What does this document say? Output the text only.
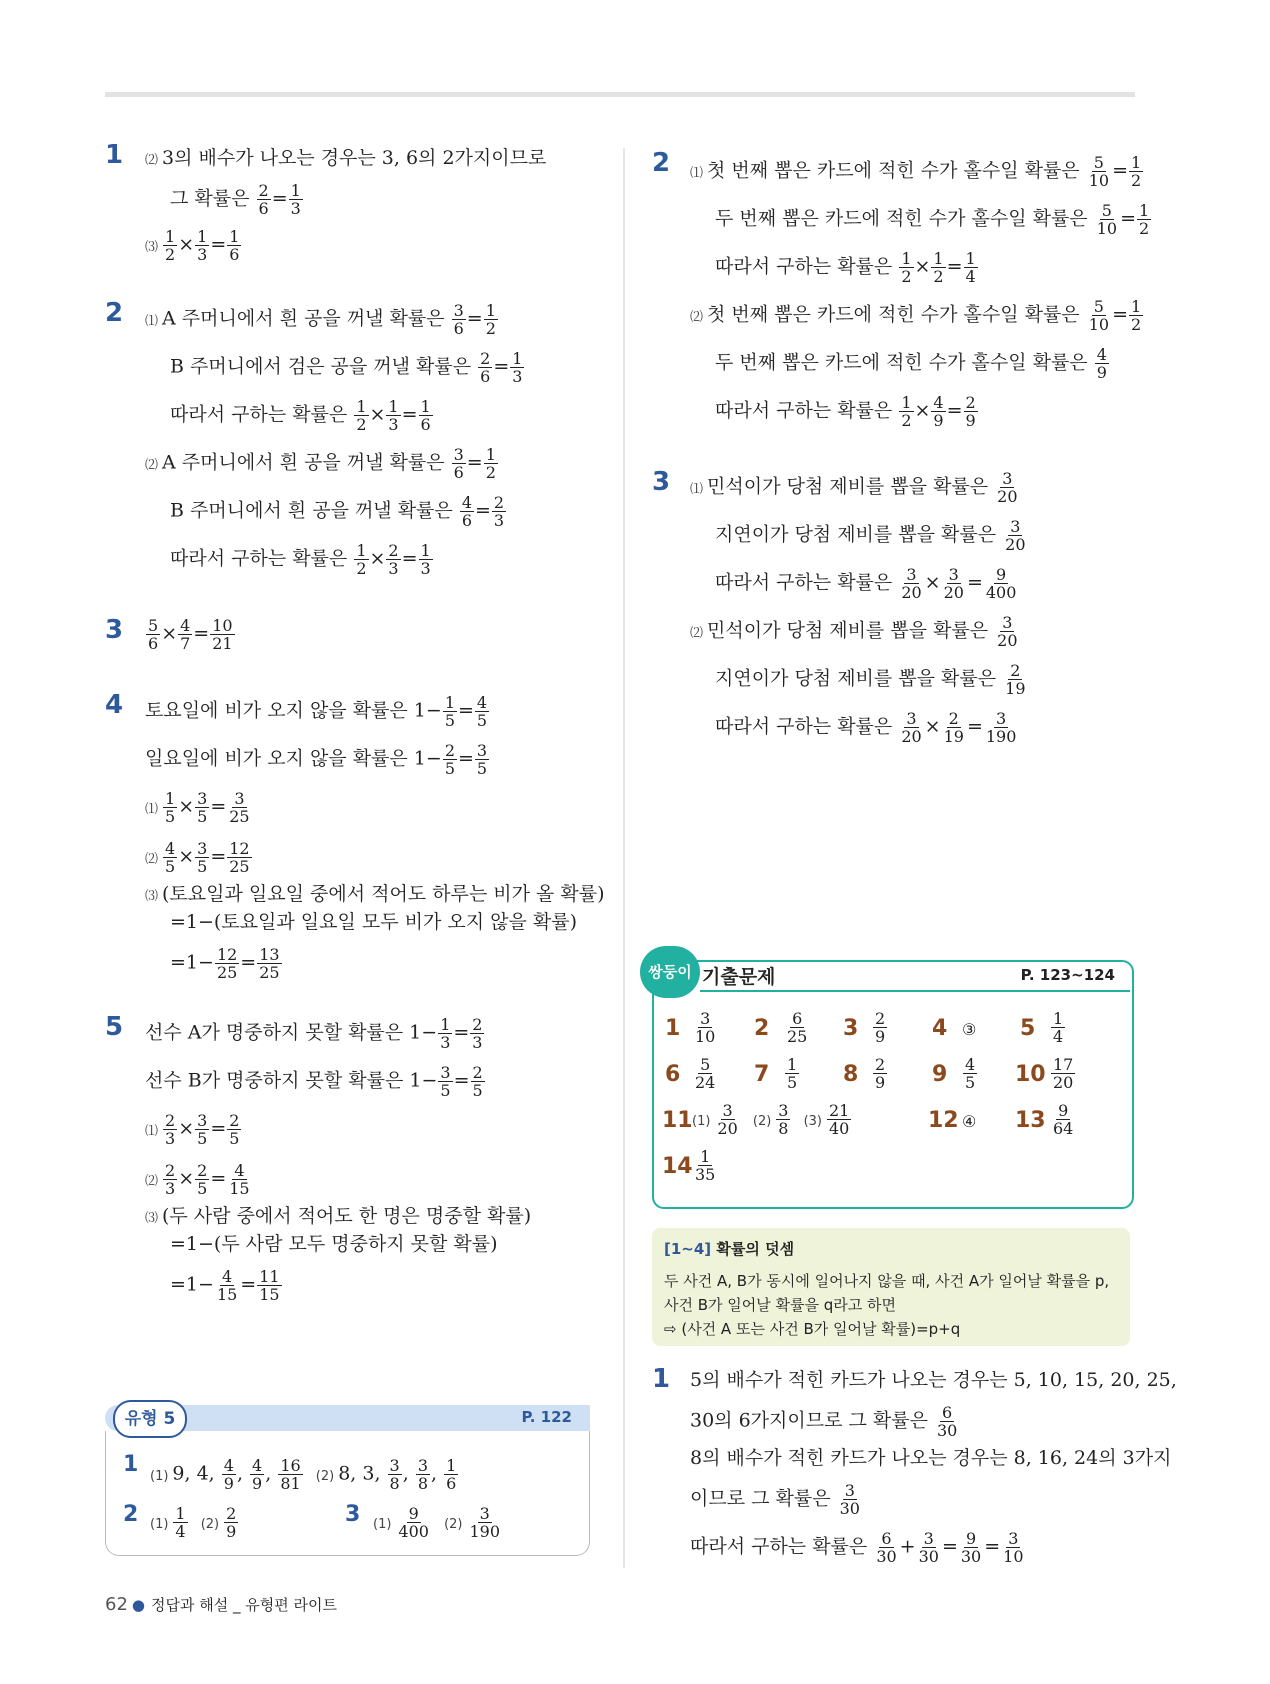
1 ⑵ 3의 배수가 나오는 경우는 3, 6의 2가지이므로
그 확률은 $\frac{2}{6} = \frac{1}{3}$
⑶ $\frac{1}{2} \times \frac{1}{3} = \frac{1}{6}$
2 ⑴ A 주머니에서 흰 공을 꺼낼 확률은 $\frac{3}{6} = \frac{1}{2}$
B 주머니에서 검은 공을 꺼낼 확률은 $\frac{2}{6} = \frac{1}{3}$
따라서 구하는 확률은 $\frac{1}{2} \times \frac{1}{3} = \frac{1}{6}$
⑵ A 주머니에서 흰 공을 꺼낼 확률은 $\frac{3}{6} = \frac{1}{2}$
B 주머니에서 흰 공을 꺼낼 확률은 $\frac{4}{6} = \frac{2}{3}$
따라서 구하는 확률은 $\frac{1}{2} \times \frac{2}{3} = \frac{1}{3}$
$3 \frac{5}{6} \times \frac{4}{7} = \frac{10}{21}$
4 토요일에 비가 오지 않을 확률은 $1- \frac{1}{5} = \frac{4}{5}$
일요일에 비가 오지 않을 확률은 $1- \frac{2}{5} = \frac{3}{5}$
⑴ $\frac{1}{5} \times \frac{3}{5} = \frac{3}{25}$
⑵ $\frac{4}{5} \times \frac{3}{5} = \frac{12}{25}$
⑶ (토요일과 일요일 중에서 적어도 하루는 비가 올 확률)
=1−(토요일과 일요일 모두 비가 오지 않을 확률)
$=1- \frac{12}{25} = \frac{13}{25}$
5 선수 A가 명중하지 못할 확률은 $1- \frac{1}{3} = \frac{2}{3}$
선수 B가 명중하지 못할 확률은 $1- \frac{3}{5} = \frac{2}{5}$
⑴ $\frac{2}{3} \times \frac{3}{5} = \frac{2}{5}$
⑵ $\frac{2}{3} \times \frac{2}{5} = \frac{4}{15}$
⑶ (두 사람 중에서 적어도 한 명은 명중할 확률)
=1−(두 사람 모두 명중하지 못할 확률)
$=1- \frac{4}{15} = \frac{11}{15}$
유형 5	P. 122
1 (1) 9, 4, $\frac{4}{9}$ , $\frac{4}{9}$ , $\frac{16}{81} (2)$ 8, 3, $\frac{3}{8}$ , $\frac{3}{8}$ , $\frac{1}{6}$
2 $(1) \frac{1}{4} (2) \frac{2}{9}$	3 $(1) \frac{9}{400} (2) \frac{3}{190}$
2 ⑴ 첫 번째 뽑은 카드에 적힌 수가 홀수일 확률은 $\frac{5}{10} = \frac{1}{2}$
두 번째 뽑은 카드에 적힌 수가 홀수일 확률은 $\frac{5}{10} = \frac{1}{2}$
따라서 구하는 확률은 $\frac{1}{2} \times \frac{1}{2} = \frac{1}{4}$
⑵ 첫 번째 뽑은 카드에 적힌 수가 홀수일 확률은 $\frac{5}{10} = \frac{1}{2}$
두 번째 뽑은 카드에 적힌 수가 홀수일 확률은 $\frac{4}{9}$
따라서 구하는 확률은 $\frac{1}{2} \times \frac{4}{9} = \frac{2}{9}$
3 ⑴ 민석이가 당첨 제비를 뽑을 확률은 $\frac{3}{20}$
지연이가 당첨 제비를 뽑을 확률은 $\frac{3}{20}$
따라서 구하는 확률은 $\frac{3}{20} \times \frac{3}{20} = \frac{9}{400}$
⑵ 민석이가 당첨 제비를 뽑을 확률은 $\frac{3}{20}$
지연이가 당첨 제비를 뽑을 확률은 $\frac{2}{19}$
따라서 구하는 확률은 $\frac{3}{20} \times \frac{2}{19} = \frac{3}{190}$
쌍둥이 기출문제	P. 123~124
$1 \frac{3}{10} 2 \frac{6}{25} 3 \frac{2}{9} 4$ ③ $5 \frac{1}{4}$
$6 \frac{5}{24} 7 \frac{1}{5} 8 \frac{2}{9} 9 \frac{4}{5} 10 \frac{17}{20}$
11 $(1) \frac{3}{20} (2) \frac{3}{8} (3) \frac{21}{40}$	12 ④ $13 \frac{9}{64}$
$14 \frac{1}{35}$
[1~4] 확률의 덧셈
두 사건 A, B가 동시에 일어나지 않을 때, 사건 A가 일어날 확률을 p,
사건 B가 일어날 확률을 q라고 하면
⇨ (사건 A 또는 사건 B가 일어날 확률)=p+q
1 5의 배수가 적힌 카드가 나오는 경우는 5, 10, 15, 20, 25,
30의 6가지이므로 그 확률은 $\frac{6}{30}$
8의 배수가 적힌 카드가 나오는 경우는 8, 16, 24의 3가지
이므로 그 확률은 $\frac{3}{30}$
따라서 구하는 확률은 $\frac{6}{30} + \frac{3}{30} = \frac{9}{30} = \frac{3}{10}$
62 ● 정답과 해설 _ 유형편 라이트
